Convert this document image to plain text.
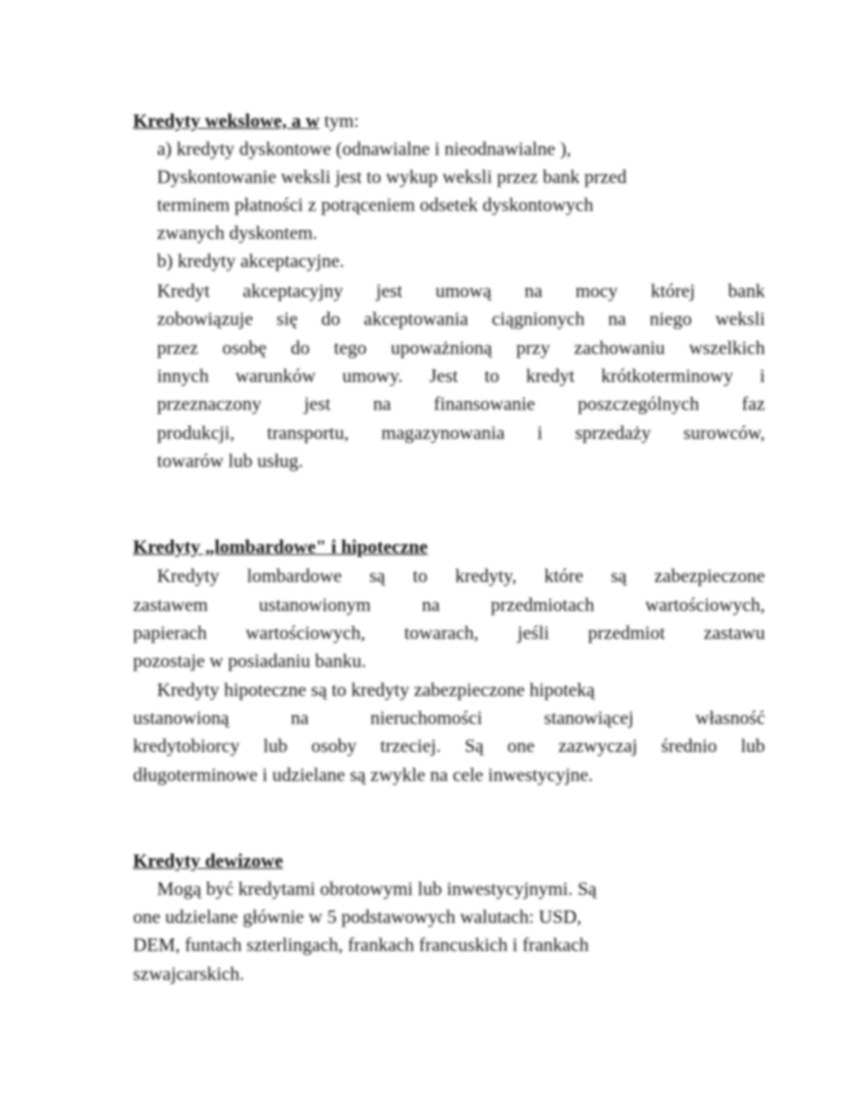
Kredyty wekslowe, a w tym:
a) kredyty dyskontowe (odnawialne i nieodnawialne ),
Dyskontowanie weksli jest to wykup weksli przez bank przed
terminem płatności z potrąceniem odsetek dyskontowych
zwanych dyskontem.
b) kredyty akceptacyjne.
Kredyt akceptacyjny jest umową na mocy której bank
zobowiązuje się do akceptowania ciągnionych na niego weksli
przez osobę do tego upoważnioną przy zachowaniu wszelkich
innych warunków umowy. Jest to kredyt krótkoterminowy i
przeznaczony jest na finansowanie poszczególnych faz
produkcji, transportu, magazynowania i sprzedaży surowców,
towarów lub usług.
Kredyty „lombardowe" i hipoteczne
Kredyty lombardowe są to kredyty, które są zabezpieczone
zastawem ustanowionym na przedmiotach wartościowych,
papierach wartościowych, towarach, jeśli przedmiot zastawu
pozostaje w posiadaniu banku.
Kredyty hipoteczne są to kredyty zabezpieczone hipoteką
ustanowioną na nieruchomości stanowiącej własność
kredytobiorcy lub osoby trzeciej. Są one zazwyczaj średnio lub
długoterminowe i udzielane są zwykle na cele inwestycyjne.
Kredyty dewizowe
Mogą być kredytami obrotowymi lub inwestycyjnymi. Są
one udzielane głównie w 5 podstawowych walutach: USD,
DEM, funtach szterlingach, frankach francuskich i frankach
szwajcarskich.
